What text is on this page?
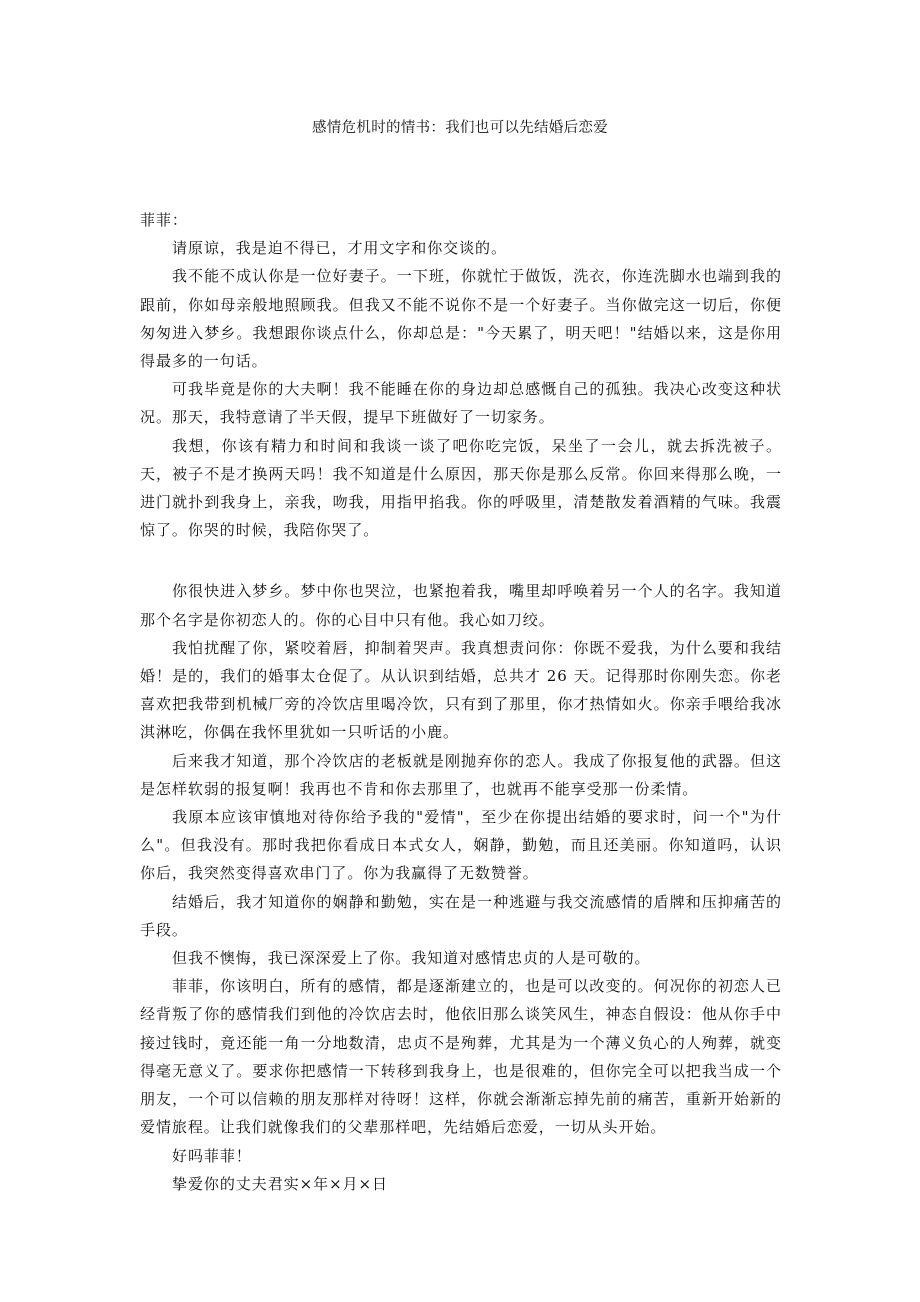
感情危机时的情书：我们也可以先结婚后恋爱

菲菲：

请原谅，我是迫不得已，才用文字和你交谈的。

我不能不成认你是一位好妻子。一下班，你就忙于做饭，洗衣，你连洗脚水也端到我的跟前，你如母亲般地照顾我。但我又不能不说你不是一个好妻子。当你做完这一切后，你便匆匆进入梦乡。我想跟你谈点什么，你却总是："今天累了，明天吧！"结婚以来，这是你用得最多的一句话。

可我毕竟是你的大夫啊！我不能睡在你的身边却总感慨自己的孤独。我决心改变这种状况。那天，我特意请了半天假，提早下班做好了一切家务。

我想，你该有精力和时间和我谈一谈了吧你吃完饭，呆坐了一会儿，就去拆洗被子。天，被子不是才换两天吗！我不知道是什么原因，那天你是那么反常。你回来得那么晚，一进门就扑到我身上，亲我，吻我，用指甲掐我。你的呼吸里，清楚散发着酒精的气味。我震惊了。你哭的时候，我陪你哭了。

你很快进入梦乡。梦中你也哭泣，也紧抱着我，嘴里却呼唤着另一个人的名字。我知道那个名字是你初恋人的。你的心目中只有他。我心如刀绞。

我怕扰醒了你，紧咬着唇，抑制着哭声。我真想责问你：你既不爱我，为什么要和我结婚！是的，我们的婚事太仓促了。从认识到结婚，总共才 26 天。记得那时你刚失恋。你老喜欢把我带到机械厂旁的冷饮店里喝冷饮，只有到了那里，你才热情如火。你亲手喂给我冰淇淋吃，你偶在我怀里犹如一只听话的小鹿。

后来我才知道，那个冷饮店的老板就是刚抛弃你的恋人。我成了你报复他的武器。但这是怎样软弱的报复啊！我再也不肯和你去那里了，也就再不能享受那一份柔情。

我原本应该审慎地对待你给予我的"爱情"，至少在你提出结婚的要求时，问一个"为什么"。但我没有。那时我把你看成日本式女人，娴静，勤勉，而且还美丽。你知道吗，认识你后，我突然变得喜欢串门了。你为我赢得了无数赞誉。

结婚后，我才知道你的娴静和勤勉，实在是一种逃避与我交流感情的盾牌和压抑痛苦的手段。

但我不懊悔，我已深深爱上了你。我知道对感情忠贞的人是可敬的。

菲菲，你该明白，所有的感情，都是逐渐建立的，也是可以改变的。何况你的初恋人已经背叛了你的感情我们到他的冷饮店去时，他依旧那么谈笑风生，神态自假设：他从你手中接过钱时，竟还能一角一分地数清，忠贞不是殉葬，尤其是为一个薄义负心的人殉葬，就变得毫无意义了。要求你把感情一下转移到我身上，也是很难的，但你完全可以把我当成一个朋友，一个可以信赖的朋友那样对待呀！这样，你就会渐渐忘掉先前的痛苦，重新开始新的爱情旅程。让我们就像我们的父辈那样吧，先结婚后恋爱，一切从头开始。

好吗菲菲！

挚爱你的丈夫君实×年×月×日
